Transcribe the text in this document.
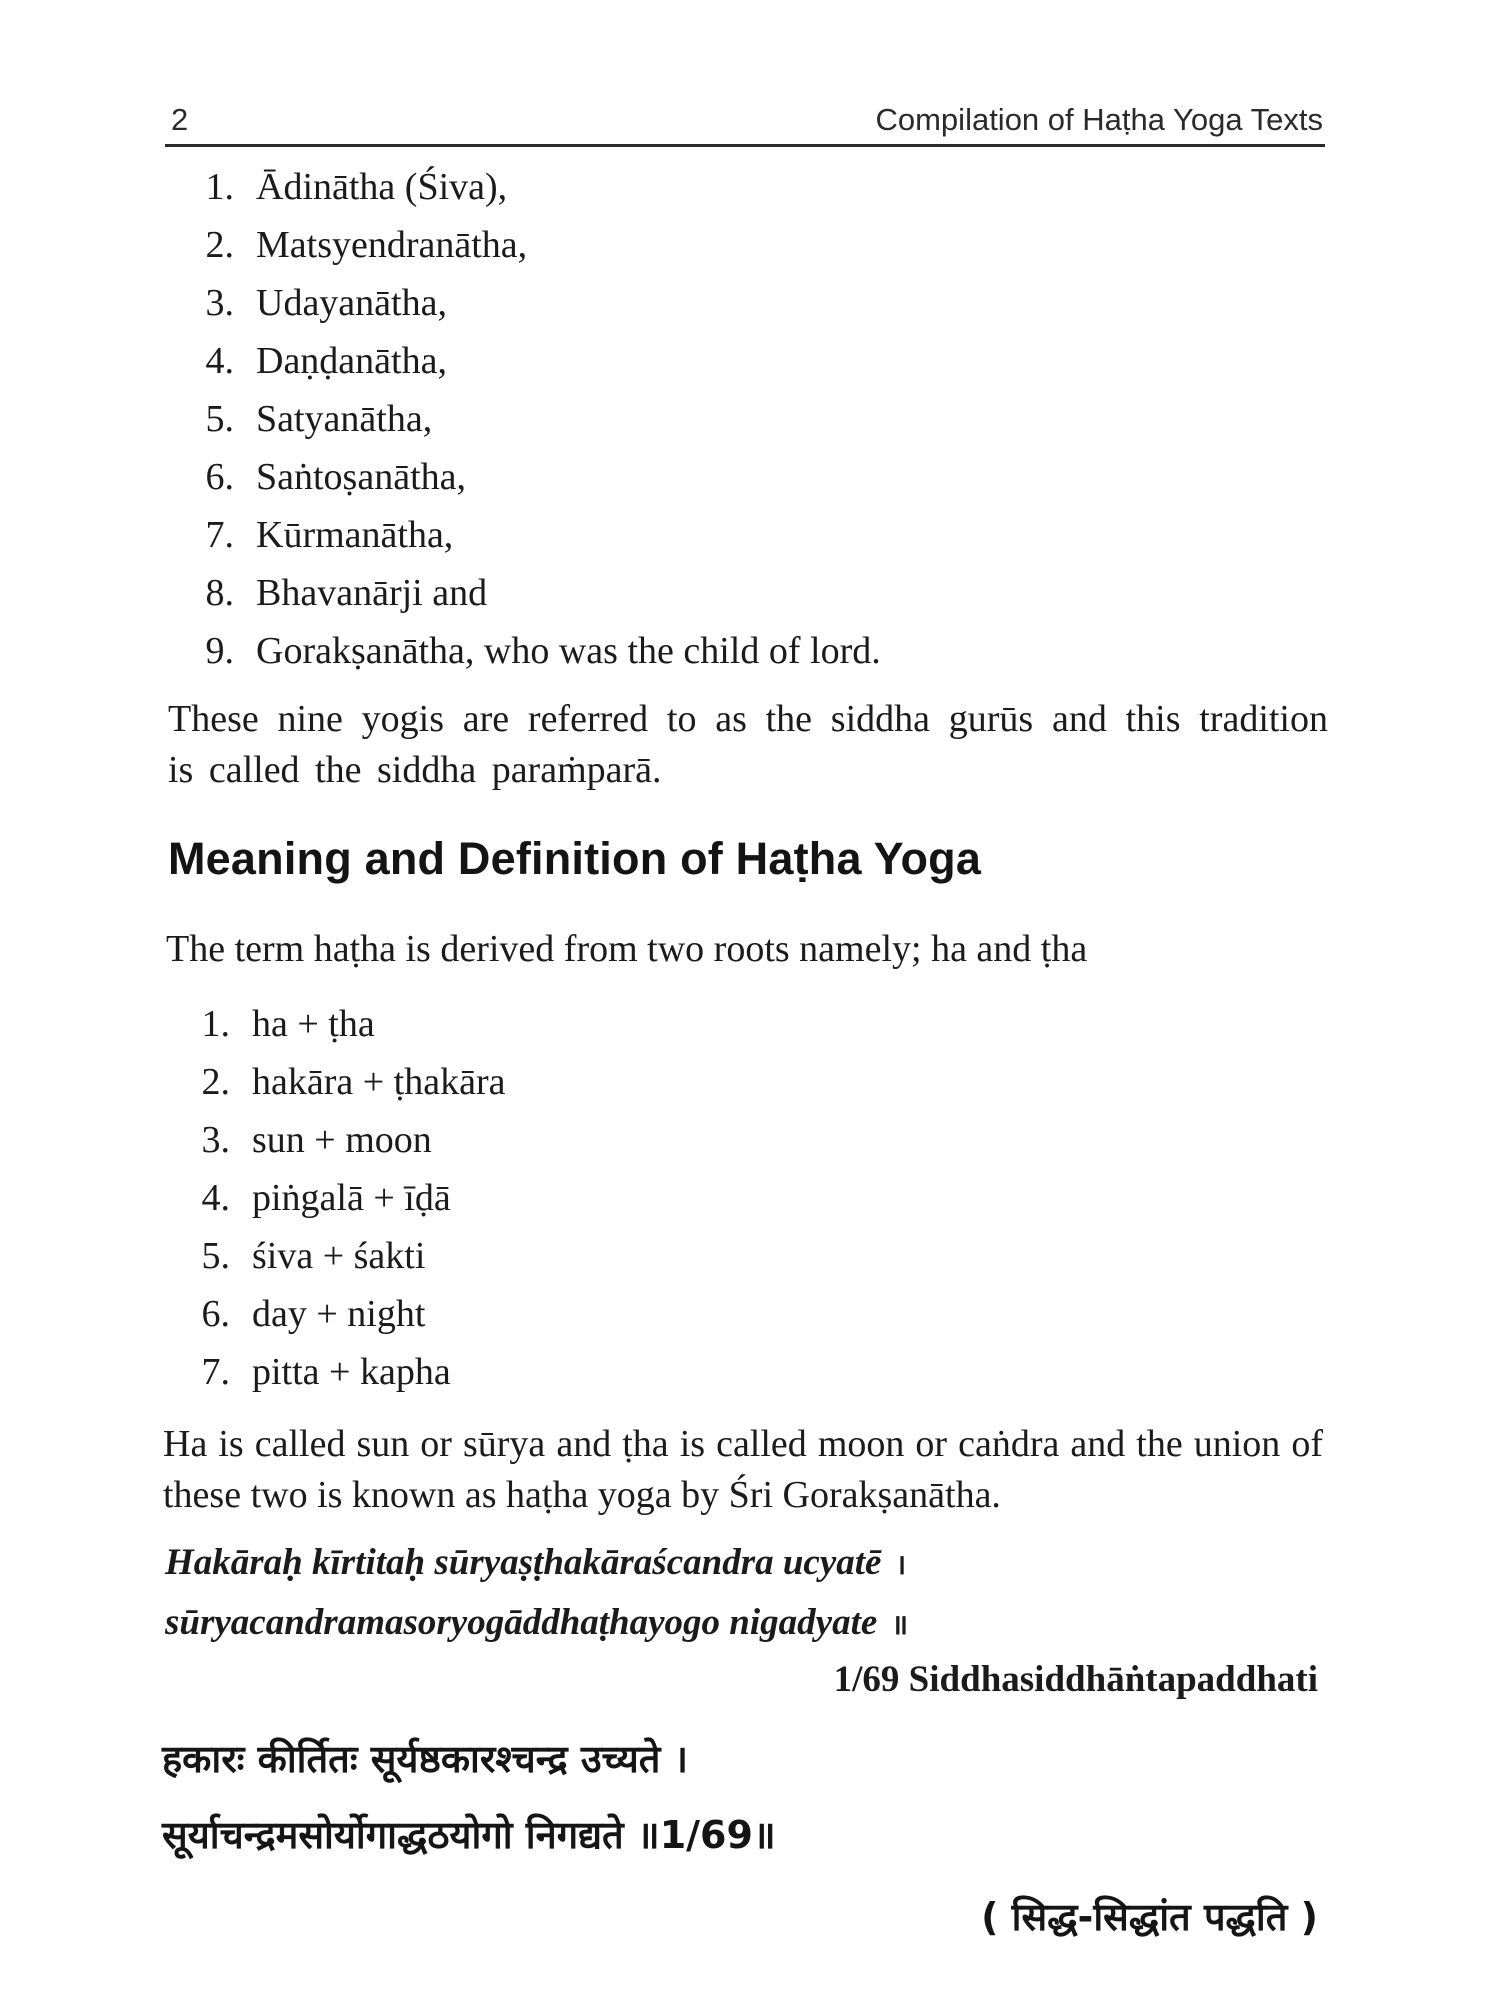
2	Compilation of Haṭha Yoga Texts
1. Ādinātha (Śiva),
2. Matsyendranātha,
3. Udayanātha,
4. Daṇḍanātha,
5. Satyanātha,
6. Saṅtoṣanātha,
7. Kūrmanātha,
8. Bhavanārji and
9. Gorakṣanātha, who was the child of lord.

These nine yogis are referred to as the siddha gurūs and this tradition is called the siddha paraṁparā.

Meaning and Definition of Haṭha Yoga

The term haṭha is derived from two roots namely; ha and ṭha

1. ha + ṭha
2. hakāra + ṭhakāra
3. sun + moon
4. piṅgalā + īḍā
5. śiva + śakti
6. day + night
7. pitta + kapha

Ha is called sun or sūrya and ṭha is called moon or caṅdra and the union of these two is known as haṭha yoga by Śri Gorakṣanātha.

Hakāraḥ kīrtitaḥ sūryaṣṭhakāraścandra ucyatē ।

sūryacandramasoryogāddhaṭhayogo nigadyate ॥

1/69 Siddhasiddhāṅtapaddhati

हकारः कीर्तितः सूर्यष्ठकारश्चन्द्र उच्यते ।

सूर्याचन्द्रमसोर्योगाद्धठयोगो निगद्यते ॥1/69॥

( सिद्ध-सिद्धांत पद्धति )
